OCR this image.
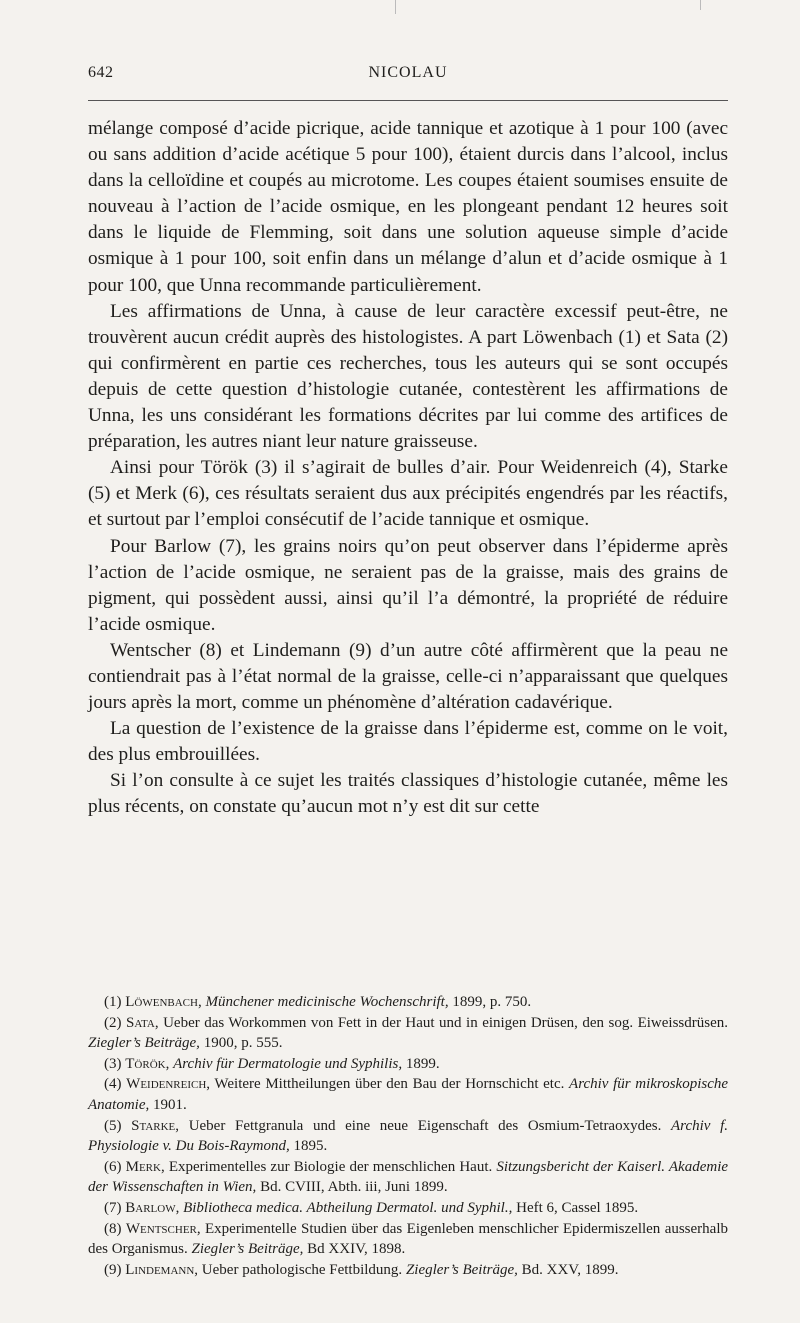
642	NICOLAU

mélange composé d’acide picrique, acide tannique et azotique à 1 pour 100 (avec ou sans addition d’acide acétique 5 pour 100), étaient durcis dans l’alcool, inclus dans la celloïdine et coupés au microtome. Les coupes étaient soumises ensuite de nouveau à l’action de l’acide osmique, en les plongeant pendant 12 heures soit dans le liquide de Flemming, soit dans une solution aqueuse simple d’acide osmique à 1 pour 100, soit enfin dans un mélange d’alun et d’acide osmique à 1 pour 100, que Unna recommande particulièrement.

Les affirmations de Unna, à cause de leur caractère excessif peut-être, ne trouvèrent aucun crédit auprès des histologistes. A part Löwenbach (1) et Sata (2) qui confirmèrent en partie ces recherches, tous les auteurs qui se sont occupés depuis de cette question d’histologie cutanée, contestèrent les affirmations de Unna, les uns considérant les formations décrites par lui comme des artifices de préparation, les autres niant leur nature graisseuse.

Ainsi pour Török (3) il s’agirait de bulles d’air. Pour Weidenreich (4), Starke (5) et Merk (6), ces résultats seraient dus aux précipités engendrés par les réactifs, et surtout par l’emploi consécutif de l’acide tannique et osmique.

Pour Barlow (7), les grains noirs qu’on peut observer dans l’épiderme après l’action de l’acide osmique, ne seraient pas de la graisse, mais des grains de pigment, qui possèdent aussi, ainsi qu’il l’a démontré, la propriété de réduire l’acide osmique.

Wentscher (8) et Lindemann (9) d’un autre côté affirmèrent que la peau ne contiendrait pas à l’état normal de la graisse, celle-ci n’apparaissant que quelques jours après la mort, comme un phénomène d’altération cadavérique.

La question de l’existence de la graisse dans l’épiderme est, comme on le voit, des plus embrouillées.

Si l’on consulte à ce sujet les traités classiques d’histologie cutanée, même les plus récents, on constate qu’aucun mot n’y est dit sur cette

(1) Löwenbach, Münchener medicinische Wochenschrift, 1899, p. 750.

(2) Sata, Ueber das Workommen von Fett in der Haut und in einigen Drüsen, den sog. Eiweissdrüsen. Ziegler’s Beiträge, 1900, p. 555.

(3) Török, Archiv für Dermatologie und Syphilis, 1899.

(4) Weidenreich, Weitere Mittheilungen über den Bau der Hornschicht etc. Archiv für mikroskopische Anatomie, 1901.

(5) Starke, Ueber Fettgranula und eine neue Eigenschaft des Osmium-Tetraoxydes. Archiv f. Physiologie v. Du Bois-Raymond, 1895.

(6) Merk, Experimentelles zur Biologie der menschlichen Haut. Sitzungsbericht der Kaiserl. Akademie der Wissenschaften in Wien, Bd. CVIII, Abth. iii, Juni 1899.

(7) Barlow, Bibliotheca medica. Abtheilung Dermatol. und Syphil., Heft 6, Cassel 1895.

(8) Wentscher, Experimentelle Studien über das Eigenleben menschlicher Epidermiszellen ausserhalb des Organismus. Ziegler’s Beiträge, Bd XXIV, 1898.

(9) Lindemann, Ueber pathologische Fettbildung. Ziegler’s Beiträge, Bd. XXV, 1899.
